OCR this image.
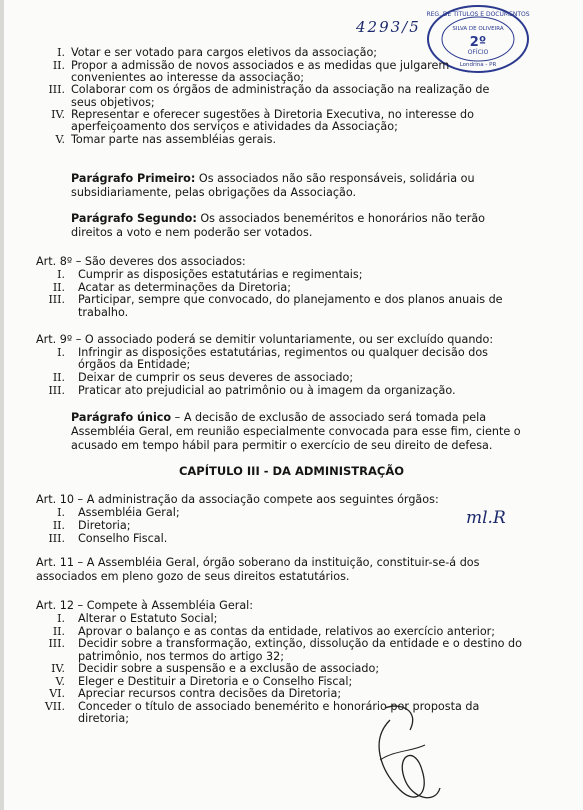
4293/5
REG. DE TÍTULOS E DOCUMENTOS
SILVA DE OLIVEIRA
2º
OFÍCIO
Londrina - PR
ml.R
I. Votar e ser votado para cargos eletivos da associação;
II. Propor a admissão de novos associados e as medidas que julgarem
convenientes ao interesse da associação;
III. Colaborar com os órgãos de administração da associação na realização de
seus objetivos;
IV. Representar e oferecer sugestões à Diretoria Executiva, no interesse do
aperfeiçoamento dos serviços e atividades da Associação;
V. Tomar parte nas assembléias gerais.
Parágrafo Primeiro: Os associados não são responsáveis, solidária ou
subsidiariamente, pelas obrigações da Associação.
Parágrafo Segundo: Os associados beneméritos e honorários não terão
direitos a voto e nem poderão ser votados.
Art. 8º – São deveres dos associados:
I. Cumprir as disposições estatutárias e regimentais;
II. Acatar as determinações da Diretoria;
III. Participar, sempre que convocado, do planejamento e dos planos anuais de
trabalho.
Art. 9º – O associado poderá se demitir voluntariamente, ou ser excluído quando:
I. Infringir as disposições estatutárias, regimentos ou qualquer decisão dos
órgãos da Entidade;
II. Deixar de cumprir os seus deveres de associado;
III. Praticar ato prejudicial ao patrimônio ou à imagem da organização.
Parágrafo único – A decisão de exclusão de associado será tomada pela
Assembléia Geral, em reunião especialmente convocada para esse fim, ciente o
acusado em tempo hábil para permitir o exercício de seu direito de defesa.
CAPÍTULO III - DA ADMINISTRAÇÃO
Art. 10 – A administração da associação compete aos seguintes órgãos:
I. Assembléia Geral;
II. Diretoria;
III. Conselho Fiscal.
Art. 11 – A Assembléia Geral, órgão soberano da instituição, constituir-se-á dos
associados em pleno gozo de seus direitos estatutários.
Art. 12 – Compete à Assembléia Geral:
I. Alterar o Estatuto Social;
II. Aprovar o balanço e as contas da entidade, relativos ao exercício anterior;
III. Decidir sobre a transformação, extinção, dissolução da entidade e o destino do
patrimônio, nos termos do artigo 32;
IV. Decidir sobre a suspensão e a exclusão de associado;
V. Eleger e Destituir a Diretoria e o Conselho Fiscal;
VI. Apreciar recursos contra decisões da Diretoria;
VII. Conceder o título de associado benemérito e honorário por proposta da
diretoria;
